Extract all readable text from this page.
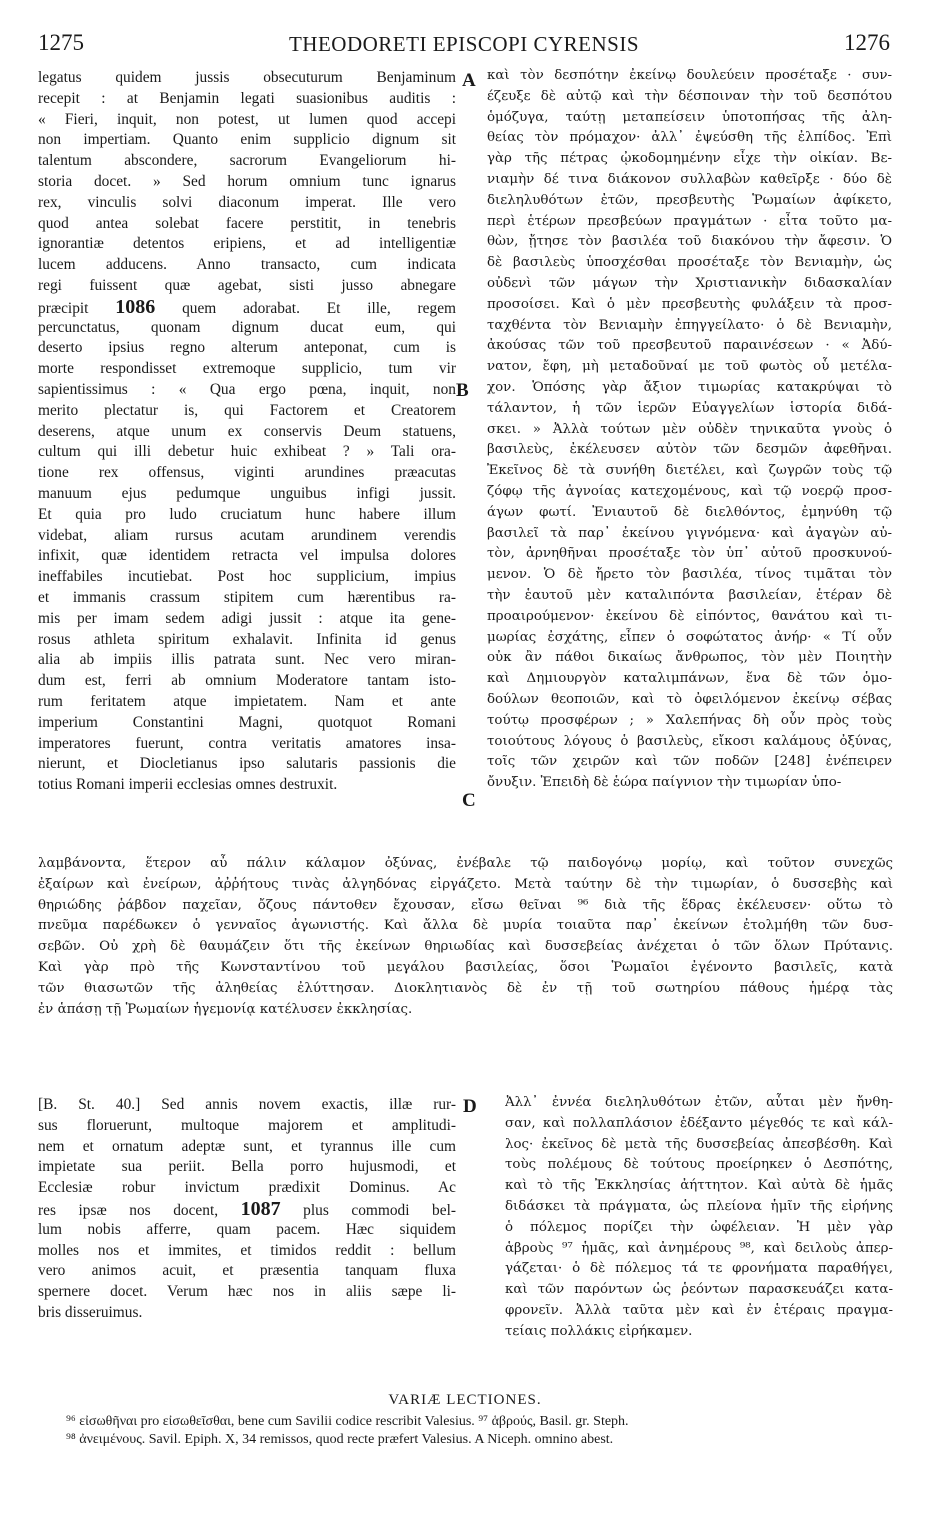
1275	THEODORETI EPISCOPI CYRENSIS	1276
legatus quidem jussis obsecuturum Benjaminum
recepit : at Benjamin legati suasionibus auditis :
« Fieri, inquit, non potest, ut lumen quod accepi
non impertiam. Quanto enim supplicio dignum sit
talentum abscondere, sacrorum Evangeliorum hi-
storia docet. » Sed horum omnium tunc ignarus
rex, vinculis solvi diaconum imperat. Ille vero
quod antea solebat facere perstitit, in tenebris
ignorantiæ detentos eripiens, et ad intelligentiæ
lucem adducens. Anno transacto, cum indicata
regi fuissent quæ agebat, sisti jusso abnegare
præcipit 1086 quem adorabat. Et ille, regem
percunctatus, quonam dignum ducat eum, qui
deserto ipsius regno alterum anteponat, cum is
morte respondisset extremoque supplicio, tum vir
sapientissimus : « Qua ergo pœna, inquit, non
merito plectatur is, qui Factorem et Creatorem
deserens, atque unum ex conservis Deum statuens,
cultum qui illi debetur huic exhibeat ? » Tali ora-
tione rex offensus, viginti arundines præacutas
manuum ejus pedumque unguibus infigi jussit.
Et quia pro ludo cruciatum hunc habere illum
videbat, aliam rursus acutam arundinem verendis
infixit, quæ identidem retracta vel impulsa dolores
ineffabiles incutiebat. Post hoc supplicium, impius
et immanis crassum stipitem cum hærentibus ra-
mis per imam sedem adigi jussit : atque ita gene-
rosus athleta spiritum exhalavit. Infinita id genus
alia ab impiis illis patrata sunt. Nec vero miran-
dum est, ferri ab omnium Moderatore tantam isto-
rum feritatem atque impietatem. Nam et ante
imperium Constantini Magni, quotquot Romani
imperatores fuerunt, contra veritatis amatores insa-
nierunt, et Diocletianus ipso salutaris passionis die
totius Romani imperii ecclesias omnes destruxit.
καὶ τὸν δεσπότην ἐκείνῳ δουλεύειν προσέταξε · συν-
έζευξε δὲ αὐτῷ καὶ τὴν δέσποιναν τὴν τοῦ δεσπότου
ὁμόζυγα, ταύτῃ μεταπείσειν ὑποτοπήσας τῆς ἀλη-
θείας τὸν πρόμαχον· ἀλλ᾽ ἐψεύσθη τῆς ἐλπίδος. Ἐπὶ
γὰρ τῆς πέτρας ᾠκοδομημένην εἶχε τὴν οἰκίαν. Βε-
νιαμὴν δέ τινα διάκονον συλλαβὼν καθεῖρξε · δύο δὲ
διεληλυθότων ἐτῶν, πρεσβευτὴς Ῥωμαίων ἀφίκετο,
περὶ ἑτέρων πρεσβεύων πραγμάτων · εἶτα τοῦτο μα-
θὼν, ᾔτησε τὸν βασιλέα τοῦ διακόνου τὴν ἄφεσιν. Ὁ
δὲ βασιλεὺς ὑποσχέσθαι προσέταξε τὸν Βενιαμὴν, ὡς
οὐδενὶ τῶν μάγων τὴν Χριστιανικὴν διδασκαλίαν
προσοίσει. Καὶ ὁ μὲν πρεσβευτὴς φυλάξειν τὰ προσ-
ταχθέντα τὸν Βενιαμὴν ἐπηγγείλατο· ὁ δὲ Βενιαμὴν,
ἀκούσας τῶν τοῦ πρεσβευτοῦ παραινέσεων · « Ἀδύ-
νατον, ἔφη, μὴ μεταδοῦναί με τοῦ φωτὸς οὗ μετέλα-
χον. Ὁπόσης γὰρ ἄξιον τιμωρίας κατακρύψαι τὸ
τάλαντον, ἡ τῶν ἱερῶν Εὐαγγελίων ἱστορία διδά-
σκει. » Ἀλλὰ τούτων μὲν οὐδὲν τηνικαῦτα γνοὺς ὁ
βασιλεὺς, ἐκέλευσεν αὐτὸν τῶν δεσμῶν ἀφεθῆναι.
Ἐκεῖνος δὲ τὰ συνήθη διετέλει, καὶ ζωγρῶν τοὺς τῷ
ζόφῳ τῆς ἀγνοίας κατεχομένους, καὶ τῷ νοερῷ προσ-
άγων φωτί. Ἐνιαυτοῦ δὲ διελθόντος, ἐμηνύθη τῷ
βασιλεῖ τὰ παρ᾽ ἐκείνου γιγνόμενα· καὶ ἀγαγὼν αὐ-
τὸν, ἀρνηθῆναι προσέταξε τὸν ὑπ᾽ αὐτοῦ προσκυνού-
μενον. Ὁ δὲ ἤρετο τὸν βασιλέα, τίνος τιμᾶται τὸν
τὴν ἑαυτοῦ μὲν καταλιπόντα βασιλείαν, ἑτέραν δὲ
προαιρούμενον· ἐκείνου δὲ εἰπόντος, θανάτου καὶ τι-
μωρίας ἐσχάτης, εἶπεν ὁ σοφώτατος ἀνήρ· « Τί οὖν
οὐκ ἂν πάθοι δικαίως ἄνθρωπος, τὸν μὲν Ποιητὴν
καὶ Δημιουργὸν καταλιμπάνων, ἕνα δὲ τῶν ὁμο-
δούλων θεοποιῶν, καὶ τὸ ὀφειλόμενον ἐκείνῳ σέβας
τούτῳ προσφέρων ; » Χαλεπήνας δὴ οὖν πρὸς τοὺς
τοιούτους λόγους ὁ βασιλεὺς, εἴκοσι καλάμους ὀξύνας,
τοῖς τῶν χειρῶν καὶ τῶν ποδῶν [248] ἐνέπειρεν
ὄνυξιν. Ἐπειδὴ δὲ ἑώρα παίγνιον τὴν τιμωρίαν ὑπο-
λαμβάνοντα, ἕτερον αὖ πάλιν κάλαμον ὀξύνας, ἐνέβαλε τῷ παιδογόνῳ μορίῳ, καὶ τοῦτον συνεχῶς
ἐξαίρων καὶ ἐνείρων, ἀῤῥήτους τινὰς ἀλγηδόνας εἰργάζετο. Μετὰ ταύτην δὲ τὴν τιμωρίαν, ὁ δυσσεβὴς καὶ
θηριώδης ῥάβδον παχεῖαν, ὄζους πάντοθεν ἔχουσαν, εἴσω θεῖναι ⁹⁶ διὰ τῆς ἕδρας ἐκέλευσεν· οὕτω τὸ
πνεῦμα παρέδωκεν ὁ γενναῖος ἀγωνιστής. Καὶ ἄλλα δὲ μυρία τοιαῦτα παρ᾽ ἐκείνων ἐτολμήθη τῶν δυσ-
σεβῶν. Οὐ χρὴ δὲ θαυμάζειν ὅτι τῆς ἐκείνων θηριωδίας καὶ δυσσεβείας ἀνέχεται ὁ τῶν ὅλων Πρύτανις.
Καὶ γὰρ πρὸ τῆς Κωνσταντίνου τοῦ μεγάλου βασιλείας, ὅσοι Ῥωμαῖοι ἐγένοντο βασιλεῖς, κατὰ
τῶν θιασωτῶν τῆς ἀληθείας ἐλύττησαν. Διοκλητιανὸς δὲ ἐν τῇ τοῦ σωτηρίου πάθους ἡμέρᾳ τὰς
ἐν ἁπάσῃ τῇ Ῥωμαίων ἡγεμονίᾳ κατέλυσεν ἐκκλησίας.
[B. St. 40.] Sed annis novem exactis, illæ rur-
sus floruerunt, multoque majorem et amplitudi-
nem et ornatum adeptæ sunt, et tyrannus ille cum
impietate sua periit. Bella porro hujusmodi, et
Ecclesiæ robur invictum prædixit Dominus. Ac
res ipsæ nos docent, 1087 plus commodi bel-
lum nobis afferre, quam pacem. Hæc siquidem
molles nos et immites, et timidos reddit : bellum
vero animos acuit, et præsentia tanquam fluxa
spernere docet. Verum hæc nos in aliis sæpe li-
bris disseruimus.
Ἀλλ᾽ ἐννέα διεληλυθότων ἐτῶν, αὗται μὲν ἤνθη-
σαν, καὶ πολλαπλάσιον ἐδέξαντο μέγεθός τε καὶ κάλ-
λος· ἐκεῖνος δὲ μετὰ τῆς δυσσεβείας ἀπεσβέσθη. Καὶ
τοὺς πολέμους δὲ τούτους προείρηκεν ὁ Δεσπότης,
καὶ τὸ τῆς Ἐκκλησίας ἀήττητον. Καὶ αὐτὰ δὲ ἡμᾶς
διδάσκει τὰ πράγματα, ὡς πλείονα ἡμῖν τῆς εἰρήνης
ὁ πόλεμος πορίζει τὴν ὠφέλειαν. Ἡ μὲν γὰρ
ἁβροὺς ⁹⁷ ἡμᾶς, καὶ ἀνημέρους ⁹⁸, καὶ δειλοὺς ἀπερ-
γάζεται· ὁ δὲ πόλεμος τά τε φρονήματα παραθήγει,
καὶ τῶν παρόντων ὡς ῥεόντων παρασκευάζει κατα-
φρονεῖν. Ἀλλὰ ταῦτα μὲν καὶ ἐν ἑτέραις πραγμα-
τείαις πολλάκις εἰρήκαμεν.
A
B
C
D
VARIÆ LECTIONES.
⁹⁶ εἰσωθῆναι pro εἰσωθεῖσθαι, bene cum Savilii codice rescribit Valesius. ⁹⁷ ἁβρούς, Basil. gr. Steph.
⁹⁸ ἀνειμένους. Savil. Epiph. X, 34 remissos, quod recte præfert Valesius. A Niceph. omnino abest.
